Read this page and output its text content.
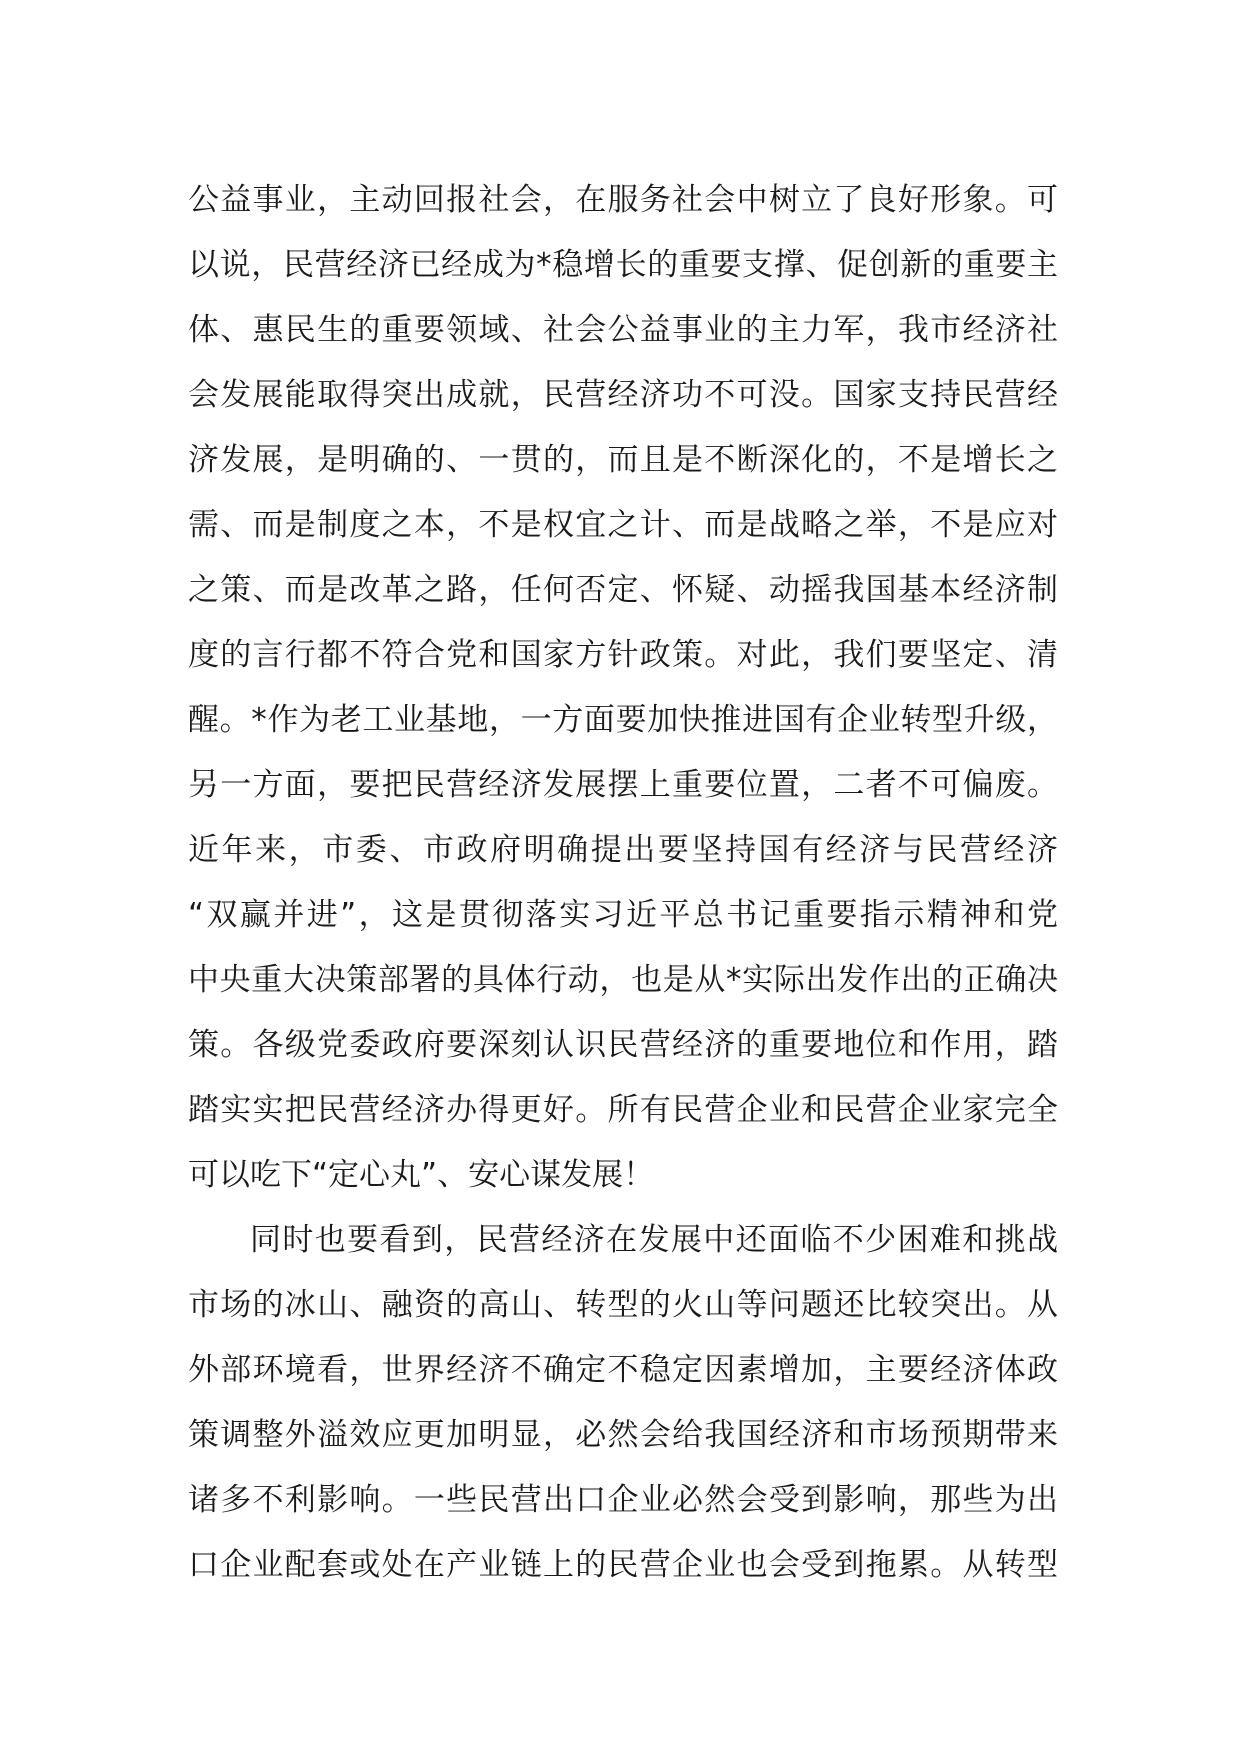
公益事业，主动回报社会，在服务社会中树立了良好形象。可
以说，民营经济已经成为*稳增长的重要支撑、促创新的重要主
体、惠民生的重要领域、社会公益事业的主力军，我市经济社
会发展能取得突出成就，民营经济功不可没。国家支持民营经
济发展，是明确的、一贯的，而且是不断深化的，不是增长之
需、而是制度之本，不是权宜之计、而是战略之举，不是应对
之策、而是改革之路，任何否定、怀疑、动摇我国基本经济制
度的言行都不符合党和国家方针政策。对此，我们要坚定、清
醒。*作为老工业基地，一方面要加快推进国有企业转型升级，
另一方面，要把民营经济发展摆上重要位置，二者不可偏废。
近年来，市委、市政府明确提出要坚持国有经济与民营经济
“双赢并进”，这是贯彻落实习近平总书记重要指示精神和党
中央重大决策部署的具体行动，也是从*实际出发作出的正确决
策。各级党委政府要深刻认识民营经济的重要地位和作用，踏
踏实实把民营经济办得更好。所有民营企业和民营企业家完全
可以吃下“定心丸”、安心谋发展！
同时也要看到，民营经济在发展中还面临不少困难和挑战
市场的冰山、融资的高山、转型的火山等问题还比较突出。从
外部环境看，世界经济不确定不稳定因素增加，主要经济体政
策调整外溢效应更加明显，必然会给我国经济和市场预期带来
诸多不利影响。一些民营出口企业必然会受到影响，那些为出
口企业配套或处在产业链上的民营企业也会受到拖累。从转型
